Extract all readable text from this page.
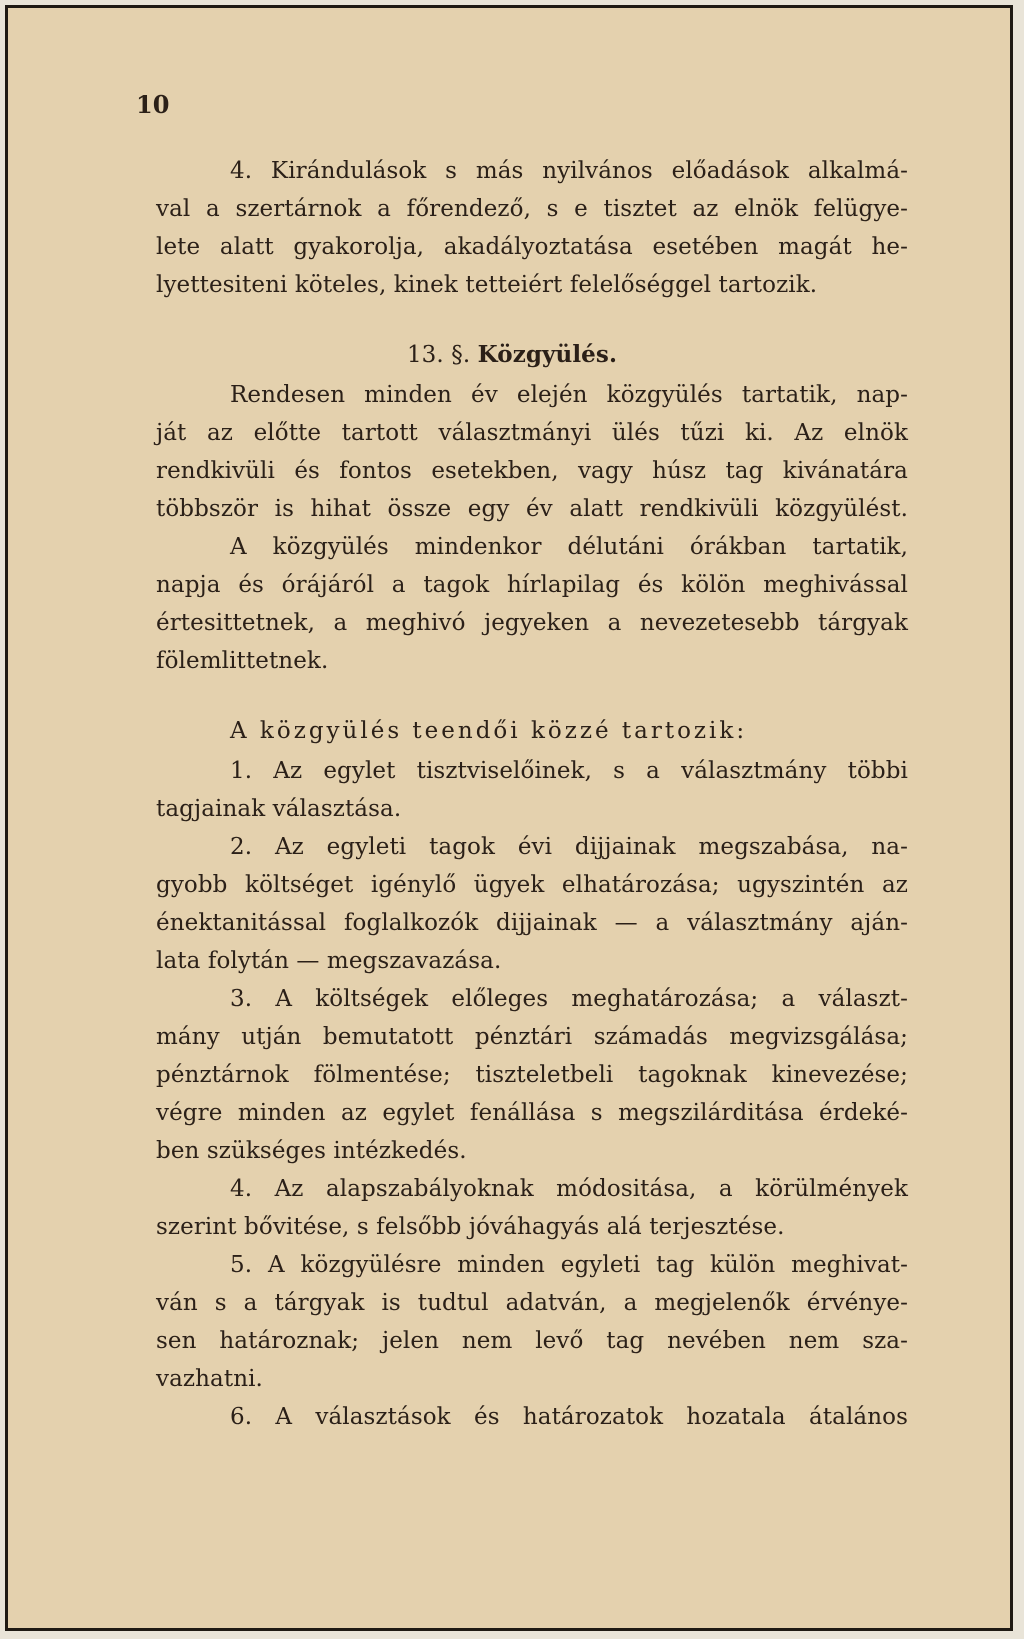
10
4. Kirándulások s más nyilvános előadások alkalmá-
val a szertárnok a főrendező, s e tisztet az elnök felügye-
lete alatt gyakorolja, akadályoztatása esetében magát he-
lyettesiteni köteles, kinek tetteiért felelőséggel tartozik.
13. §. Közgyülés.
Rendesen minden év elején közgyülés tartatik, nap-
ját az előtte tartott választmányi ülés tűzi ki. Az elnök
rendkivüli és fontos esetekben, vagy húsz tag kivánatára
többször is hihat össze egy év alatt rendkivüli közgyülést.
A közgyülés mindenkor délutáni órákban tartatik,
napja és órájáról a tagok hírlapilag és kölön meghivással
értesittetnek, a meghivó jegyeken a nevezetesebb tárgyak
fölemlittetnek.
A közgyülés teendői közzé tartozik:
1. Az egylet tisztviselőinek, s a választmány többi
tagjainak választása.
2. Az egyleti tagok évi dijjainak megszabása, na-
gyobb költséget igénylő ügyek elhatározása; ugyszintén az
énektanitással foglalkozók dijjainak — a választmány aján-
lata folytán — megszavazása.
3. A költségek előleges meghatározása; a választ-
mány utján bemutatott pénztári számadás megvizsgálása;
pénztárnok fölmentése; tiszteletbeli tagoknak kinevezése;
végre minden az egylet fenállása s megszilárditása érdeké-
ben szükséges intézkedés.
4. Az alapszabályoknak módositása, a körülmények
szerint bővitése, s felsőbb jóváhagyás alá terjesztése.
5. A közgyülésre minden egyleti tag külön meghivat-
ván s a tárgyak is tudtul adatván, a megjelenők érvénye-
sen határoznak; jelen nem levő tag nevében nem sza-
vazhatni.
6. A választások és határozatok hozatala átalános
